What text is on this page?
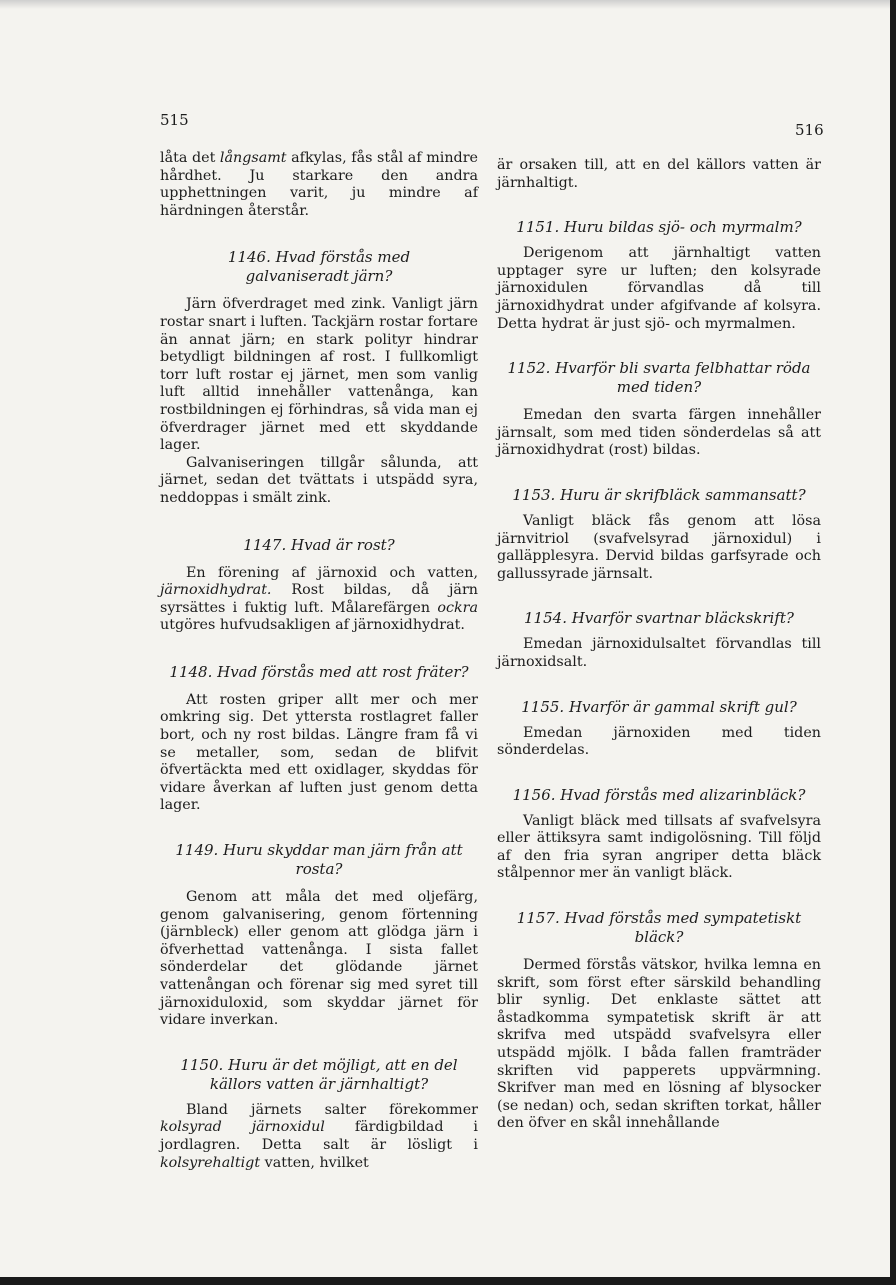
515
516

låta det långsamt afkylas, fås stål af mindre hårdhet. Ju starkare den andra upphettningen varit, ju mindre af härdningen återstår.

1146. Hvad förstås med galvaniseradt järn?

Järn öfverdraget med zink. Vanligt järn rostar snart i luften. Tackjärn rostar fortare än annat järn; en stark polityr hindrar betydligt bildningen af rost. I fullkomligt torr luft rostar ej järnet, men som vanlig luft alltid innehåller vattenånga, kan rostbildningen ej förhindras, så vida man ej öfverdrager järnet med ett skyddande lager.

Galvaniseringen tillgår sålunda, att järnet, sedan det tvättats i utspädd syra, neddoppas i smält zink.

1147. Hvad är rost?

En förening af järnoxid och vatten, järnoxidhydrat. Rost bildas, då järn syrsättes i fuktig luft. Målarefärgen ockra utgöres hufvudsakligen af järnoxidhydrat.

1148. Hvad förstås med att rost fräter?

Att rosten griper allt mer och mer omkring sig. Det yttersta rostlagret faller bort, och ny rost bildas. Längre fram få vi se metaller, som, sedan de blifvit öfvertäckta med ett oxidlager, skyddas för vidare åverkan af luften just genom detta lager.

1149. Huru skyddar man järn från att rosta?

Genom att måla det med oljefärg, genom galvanisering, genom förtenning (järnbleck) eller genom att glödga järn i öfverhettad vattenånga. I sista fallet sönderdelar det glödande järnet vattenångan och förenar sig med syret till järnoxiduloxid, som skyddar järnet för vidare inverkan.

1150. Huru är det möjligt, att en del källors vatten är järnhaltigt?

Bland järnets salter förekommer kolsyrad järnoxidul färdigbildad i jordlagren. Detta salt är lösligt i kolsyrehaltigt vatten, hvilket

är orsaken till, att en del källors vatten är järnhaltigt.

1151. Huru bildas sjö- och myrmalm?

Derigenom att järnhaltigt vatten upptager syre ur luften; den kolsyrade järnoxidulen förvandlas då till järnoxidhydrat under afgifvande af kolsyra. Detta hydrat är just sjö- och myrmalmen.

1152. Hvarför bli svarta felbhattar röda med tiden?

Emedan den svarta färgen innehåller järnsalt, som med tiden sönderdelas så att järnoxidhydrat (rost) bildas.

1153. Huru är skrifbläck sammansatt?

Vanligt bläck fås genom att lösa järnvitriol (svafvelsyrad järnoxidul) i galläpplesyra. Dervid bildas garfsyrade och gallussyrade järnsalt.

1154. Hvarför svartnar bläckskrift?

Emedan järnoxidulsaltet förvandlas till järnoxidsalt.

1155. Hvarför är gammal skrift gul?

Emedan järnoxiden med tiden sönderdelas.

1156. Hvad förstås med alizarinbläck?

Vanligt bläck med tillsats af svafvelsyra eller ättiksyra samt indigolösning. Till följd af den fria syran angriper detta bläck stålpennor mer än vanligt bläck.

1157. Hvad förstås med sympatetiskt bläck?

Dermed förstås vätskor, hvilka lemna en skrift, som först efter särskild behandling blir synlig. Det enklaste sättet att åstadkomma sympatetisk skrift är att skrifva med utspädd svafvelsyra eller utspädd mjölk. I båda fallen framträder skriften vid papperets uppvärmning. Skrifver man med en lösning af blysocker (se nedan) och, sedan skriften torkat, håller den öfver en skål innehållande
